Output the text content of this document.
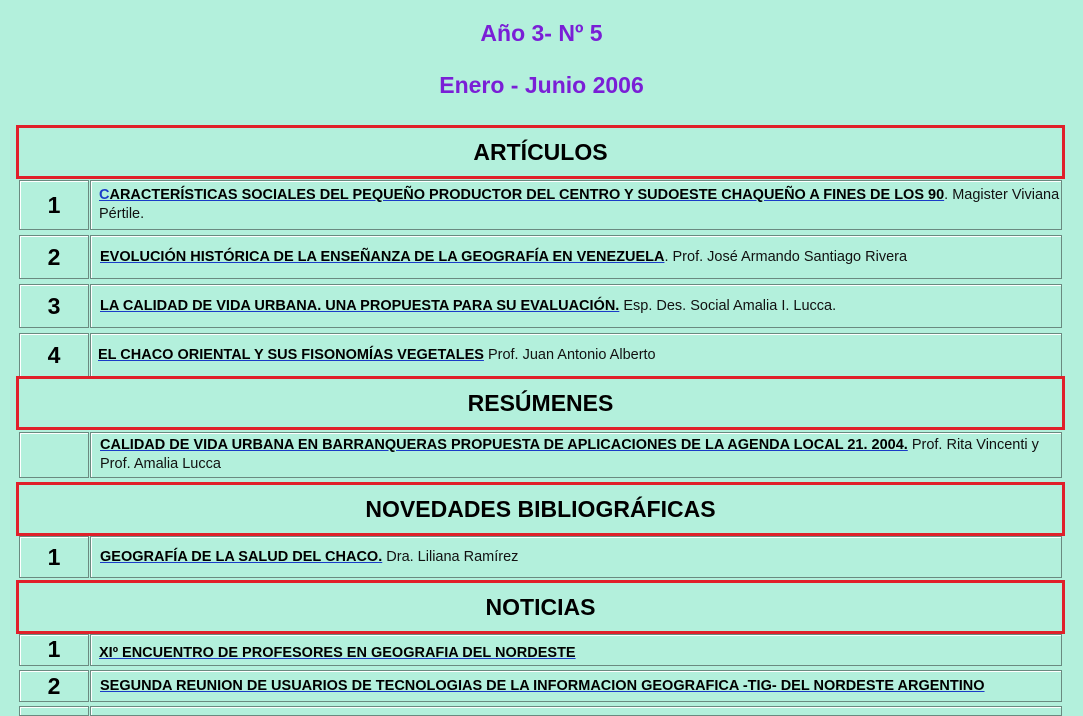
Año 3- Nº 5
Enero - Junio 2006
ARTÍCULOS
1	CARACTERÍSTICAS SOCIALES DEL PEQUEÑO PRODUCTOR DEL CENTRO Y SUDOESTE CHAQUEÑO A FINES DE LOS 90. Magister Viviana Pértile.
2	EVOLUCIÓN HISTÓRICA DE LA ENSEÑANZA DE LA GEOGRAFÍA EN VENEZUELA. Prof. José Armando Santiago Rivera
3	LA CALIDAD DE VIDA URBANA. UNA PROPUESTA PARA SU EVALUACIÓN. Esp. Des. Social Amalia I. Lucca.
4	EL CHACO ORIENTAL Y SUS FISONOMÍAS VEGETALES Prof. Juan Antonio Alberto
RESÚMENES
CALIDAD DE VIDA URBANA EN BARRANQUERAS PROPUESTA DE APLICACIONES DE LA AGENDA LOCAL 21. 2004. Prof. Rita Vincenti y Prof. Amalia Lucca
NOVEDADES BIBLIOGRÁFICAS
1	GEOGRAFÍA DE LA SALUD DEL CHACO. Dra. Liliana Ramírez
NOTICIAS
1	XIº ENCUENTRO DE PROFESORES EN GEOGRAFIA DEL NORDESTE
2	SEGUNDA REUNION DE USUARIOS DE TECNOLOGIAS DE LA INFORMACION GEOGRAFICA -TIG- DEL NORDESTE ARGENTINO
